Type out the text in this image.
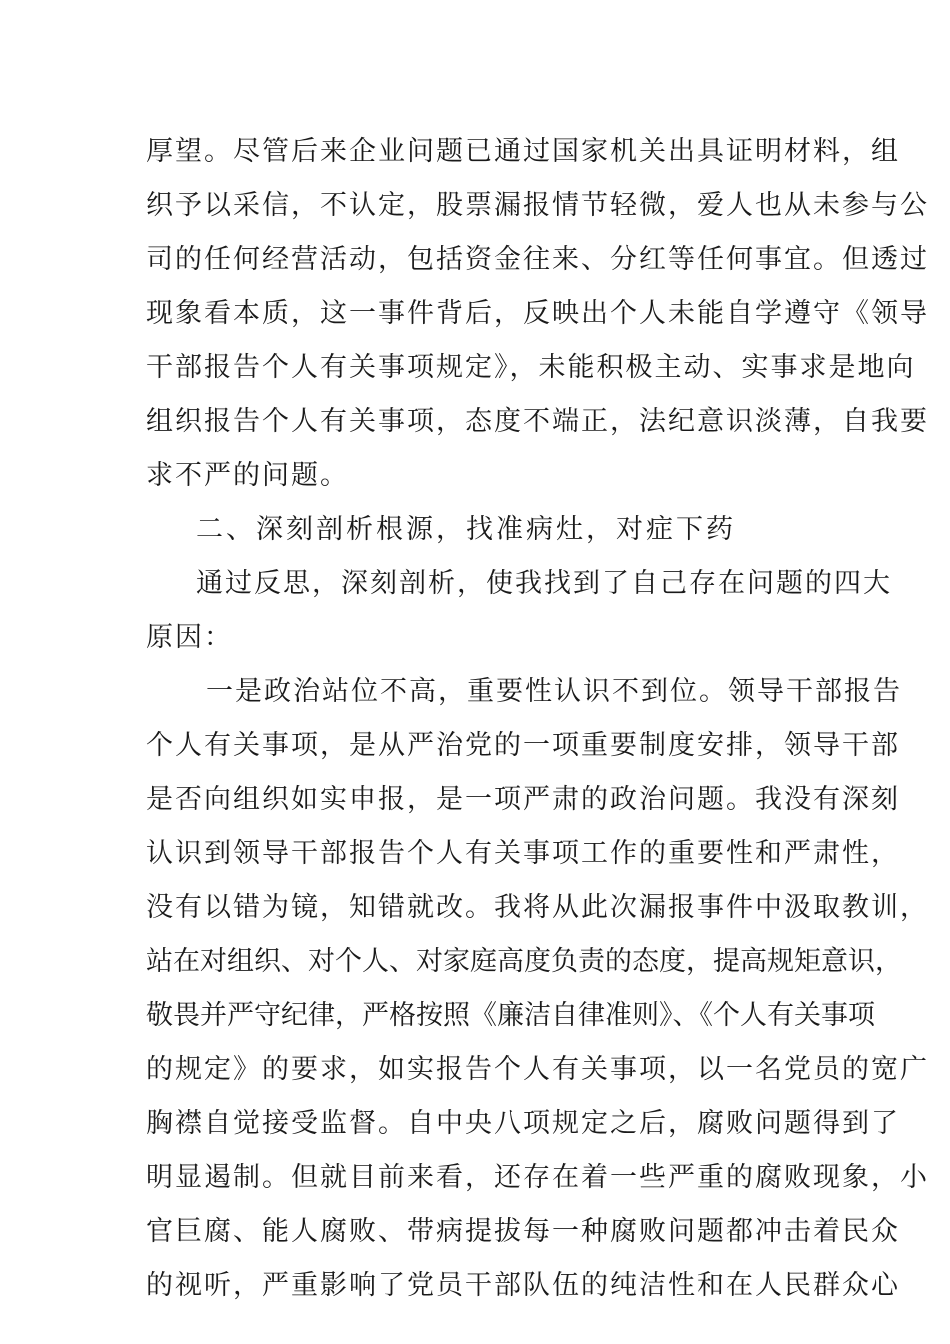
厚望。尽管后来企业问题已通过国家机关出具证明材料，组
织予以采信，不认定，股票漏报情节轻微，爱人也从未参与公
司的任何经营活动，包括资金往来、分红等任何事宜。但透过
现象看本质，这一事件背后，反映出个人未能自学遵守《领导
干部报告个人有关事项规定》，未能积极主动、实事求是地向
组织报告个人有关事项，态度不端正，法纪意识淡薄，自我要
求不严的问题。
二、深刻剖析根源，找准病灶，对症下药
通过反思，深刻剖析，使我找到了自己存在问题的四大
原因：
一是政治站位不高，重要性认识不到位。领导干部报告
个人有关事项，是从严治党的一项重要制度安排，领导干部
是否向组织如实申报，是一项严肃的政治问题。我没有深刻
认识到领导干部报告个人有关事项工作的重要性和严肃性，
没有以错为镜，知错就改。我将从此次漏报事件中汲取教训，
站在对组织、对个人、对家庭高度负责的态度，提高规矩意识，
敬畏并严守纪律，严格按照《廉洁自律准则》、《个人有关事项
的规定》的要求，如实报告个人有关事项，以一名党员的宽广
胸襟自觉接受监督。自中央八项规定之后，腐败问题得到了
明显遏制。但就目前来看，还存在着一些严重的腐败现象，小
官巨腐、能人腐败、带病提拔每一种腐败问题都冲击着民众
的视听，严重影响了党员干部队伍的纯洁性和在人民群众心
